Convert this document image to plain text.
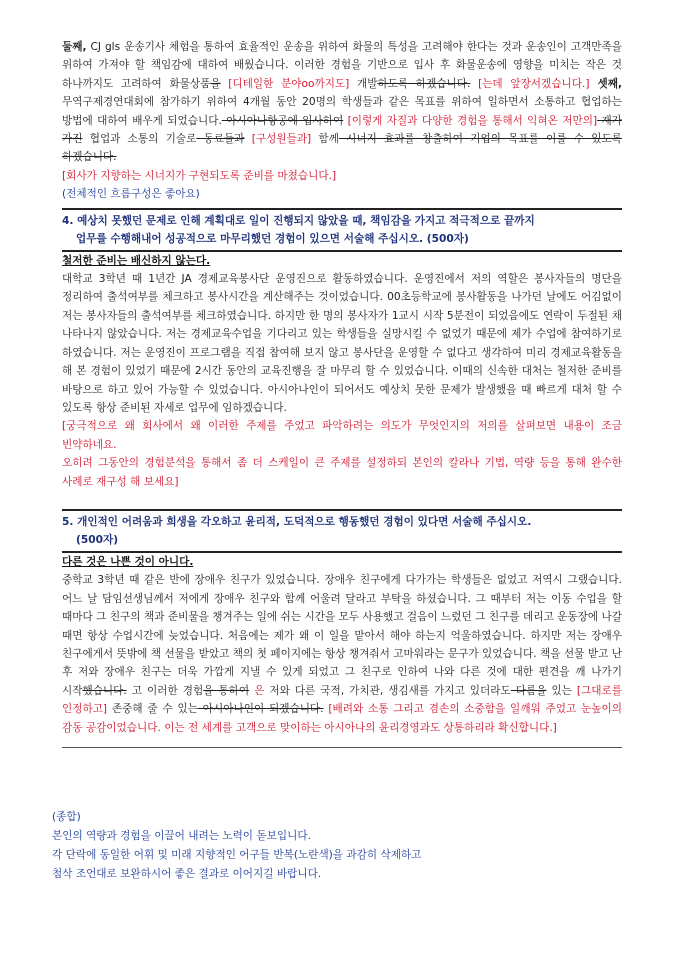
둘째, CJ gls 운송기사 체험을 통하여 효율적인 운송을 위하여 화물의 특성을 고려해야 한다는 것과 운송인이 고객만족을 위하여 가져야 할 책임감에 대하여 배웠습니다. 이러한 경험을 기반으로 입사 후 화물운송에 영향을 미치는 작은 것 하나까지도 고려하여 화물상품을 [디테일한 분야oo까지도] 개발하도록 하겠습니다. [는데 앞장서겠습니다.] 셋째, 무역구제경연대회에 참가하기 위하여 4개월 동안 20명의 학생들과 같은 목표를 위하여 일하면서 소통하고 협업하는 방법에 대하여 배우게 되었습니다. 아시아나항공에 입사하여 [이렇게 자질과 다양한 경험을 통해서 익혀온 저만의] 재가 가진 협업과 소통의 기술로 동료들과 [구성원들과] 함께 시너지 효과를 창출하여 기업의 목표를 이룰 수 있도록 하겠습니다.

[회사가 지향하는 시너지가 구현되도록 준비를 마쳤습니다.]

(전체적인 흐름구성은 좋아요)

4. 예상치 못했던 문제로 인해 계획대로 일이 진행되지 않았을 때, 책임감을 가지고 적극적으로 끝까지
업무를 수행해내어 성공적으로 마무리했던 경험이 있으면 서술해 주십시오. (500자)
철저한 준비는 배신하지 않는다.

대학교 3학년 때 1년간 JA 경제교육봉사단 운영진으로 활동하였습니다. 운영진에서 저의 역할은 봉사자들의 명단을 정리하여 출석여부를 체크하고 봉사시간을 계산해주는 것이었습니다. 00초등학교에 봉사활동을 나가던 날에도 어김없이 저는 봉사자들의 출석여부를 체크하였습니다. 하지만 한 명의 봉사자가 1교시 시작 5분전이 되었음에도 연락이 두절된 채 나타나지 않았습니다. 저는 경제교육수업을 기다리고 있는 학생들을 실망시킬 수 없었기 때문에 제가 수업에 참여하기로 하였습니다. 저는 운영진이 프로그램을 직접 참여해 보지 않고 봉사단을 운영할 수 없다고 생각하여 미리 경제교육활동을 해 본 경험이 있었기 때문에 2시간 동안의 교육진행을 잘 마무리 할 수 있었습니다. 이때의 신속한 대처는 철저한 준비를 바탕으로 하고 있어 가능할 수 있었습니다. 아시아나인이 되어서도 예상치 못한 문제가 발생했을 때 빠르게 대처 할 수 있도록 항상 준비된 자세로 업무에 임하겠습니다.

[궁극적으로 왜 회사에서 왜 이러한 주제를 주었고 파악하려는 의도가 무엇인지의 저의를 살펴보면 내용이 조금 빈약하네요.

오히려 그동안의 경험분석을 통해서 좀 더 스케일이 큰 주제를 설정하되 본인의 칼라나 기법, 역량 등을 통해 완수한 사례로 재구성 해 보세요]

5. 개인적인 어려움과 희생을 각오하고 윤리적, 도덕적으로 행동했던 경험이 있다면 서술해 주십시오.
(500자)
다른 것은 나쁜 것이 아니다.

중학교 3학년 때 같은 반에 장애우 친구가 있었습니다. 장애우 친구에게 다가가는 학생들은 없었고 저역시 그랬습니다. 어느 날 담임선생님께서 저에게 장애우 친구와 함께 어울려 달라고 부탁을 하셨습니다. 그 때부터 저는 이동 수업을 할 때마다 그 친구의 책과 준비물을 챙겨주는 일에 쉬는 시간을 모두 사용했고 걸음이 느렸던 그 친구를 데리고 운동장에 나갈 때면 항상 수업시간에 늦었습니다. 처음에는 제가 왜 이 일을 맡아서 해야 하는지 억울하였습니다. 하지만 저는 장애우 친구에게서 뜻밖에 책 선물을 받았고 책의 첫 페이지에는 항상 챙겨줘서 고마워라는 문구가 있었습니다. 책을 선물 받고 난 후 저와 장애우 친구는 더욱 가깝게 지낼 수 있게 되었고 그 친구로 인하여 나와 다른 것에 대한 편견을 깨 나가기 시작했습니다. 고 이러한 경험을 통하여 은 저와 다른 국적, 가치관, 생김새를 가지고 있더라도 다름을 있는 [그대로를 인정하고] 존중해 줄 수 있는 아시아나인이 되겠습니다. [배려와 소통 그리고 겸손의 소중함을 일깨워 주었고 눈높이의 감동 공감이었습니다. 이는 전 세계를 고객으로 맞이하는 아시아나의 윤리경영과도 상통하리라 확신합니다.]

(종합)
본인의 역량과 경험을 이끌어 내려는 노력이 돋보입니다.
각 단락에 동일한 어휘 및 미래 지향적인 어구들 반복(노란색)을 과감히 삭제하고
첨삭 조언대로 보완하시어 좋은 결과로 이어지길 바랍니다.
